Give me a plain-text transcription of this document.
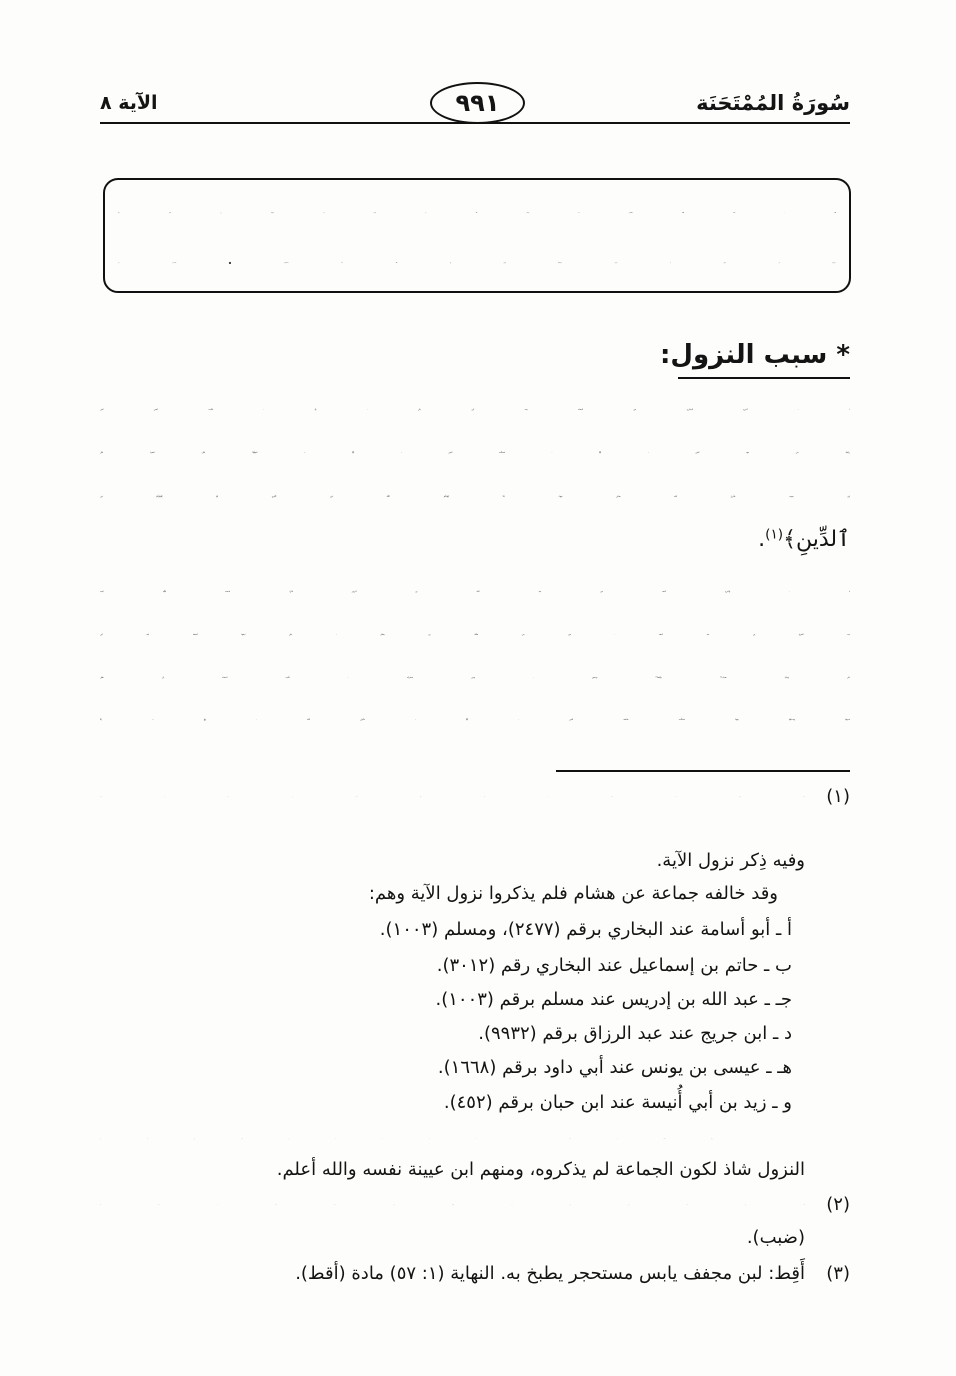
سُورَةُ المُمْتَحَنَة
٩٩١
الآية ٨
١٧٩ ـ قـال الله تـعـالـى: ﴿لَا يَنْهَىٰكُمُ ٱللَّهُ عَنِ ٱلَّذِينَ لَمْ يُقَٰتِلُوكُمْ فِي ٱلدِّينِ وَلَمْ
يُخْرِجُوكُم مِّن دِيَٰرِكُمْ أَن تَبَرُّوهُمْ وَتُقْسِطُوٓاْ إِلَيْهِمْ إِنَّ ٱللَّهَ يُحِبُّ ٱلْمُقْسِطِينَ ﴾ [الممتحنة: ٨].
* سبب النزول:
١ ـ أخرج البخاري عن أسماء بنت أبي بكر ـ ﵄ ـ قالت: أتتني أمي
راغبةً، في عهد النبي ـ ﷺ ـ فسألت النبي ـ ﷺ ـ: آصِلُها؟ قال: (نعم). قال
ابن عيينة: فأنزل الله تعالى فيها: ﴿لَا يَنْهَىٰكُمُ ٱللَّهُ عَنِ ٱلَّذِينَ لَمْ يُقَٰتِلُوكُمْ فِي
ٱلدِّينِ﴾$^{(١)}$.
٢ ـ وأخرج أحمد عن عبد الله بن الزبير قال: قدمت قَيْلة ابنت
عبد العزىٰ بن عبد أسعد ـ من بني مالك بن حِسْل ـ على ابنتها أسماء ابنة أبي
بكر بهدايا ضباب$^{(٢)}$ وأقط$^{(٣)}$ وسمن ـ وهي مشركة ـ فأبت أسماء أن تقبل
هديتها وتدخلها بيتها. فسألت عائشة النبي ـ ﷺ ـ فأنزل الله ـ ﷿ ـ: ﴿لَا
(١)
وفيه ذِكر نزول الآية.
وقد خالفه جماعة عن هشام فلم يذكروا نزول الآية وهم:
أ ـ أبو أسامة عند البخاري برقم (٢٤٧٧)، ومسلم (١٠٠٣).
ب ـ حاتم بن إسماعيل عند البخاري رقم (٣٠١٢).
جـ ـ عبد الله بن إدريس عند مسلم برقم (١٠٠٣).
د ـ ابن جريج عند عبد الرزاق برقم (٩٩٣٢).
هـ ـ عيسى بن يونس عند أبي داود برقم (١٦٦٨).
و ـ زيد بن أبي أُنيسة عند ابن حبان برقم (٤٥٢).
النزول شاذ لكون الجماعة لم يذكروه، ومنهم ابن عيينة نفسه والله أعلم.
(٢)
(ضبب).
(٣)
أَقِط: لبن مجفف يابس مستحجر يطبخ به. النهاية (١: ٥٧) مادة (أقط).
